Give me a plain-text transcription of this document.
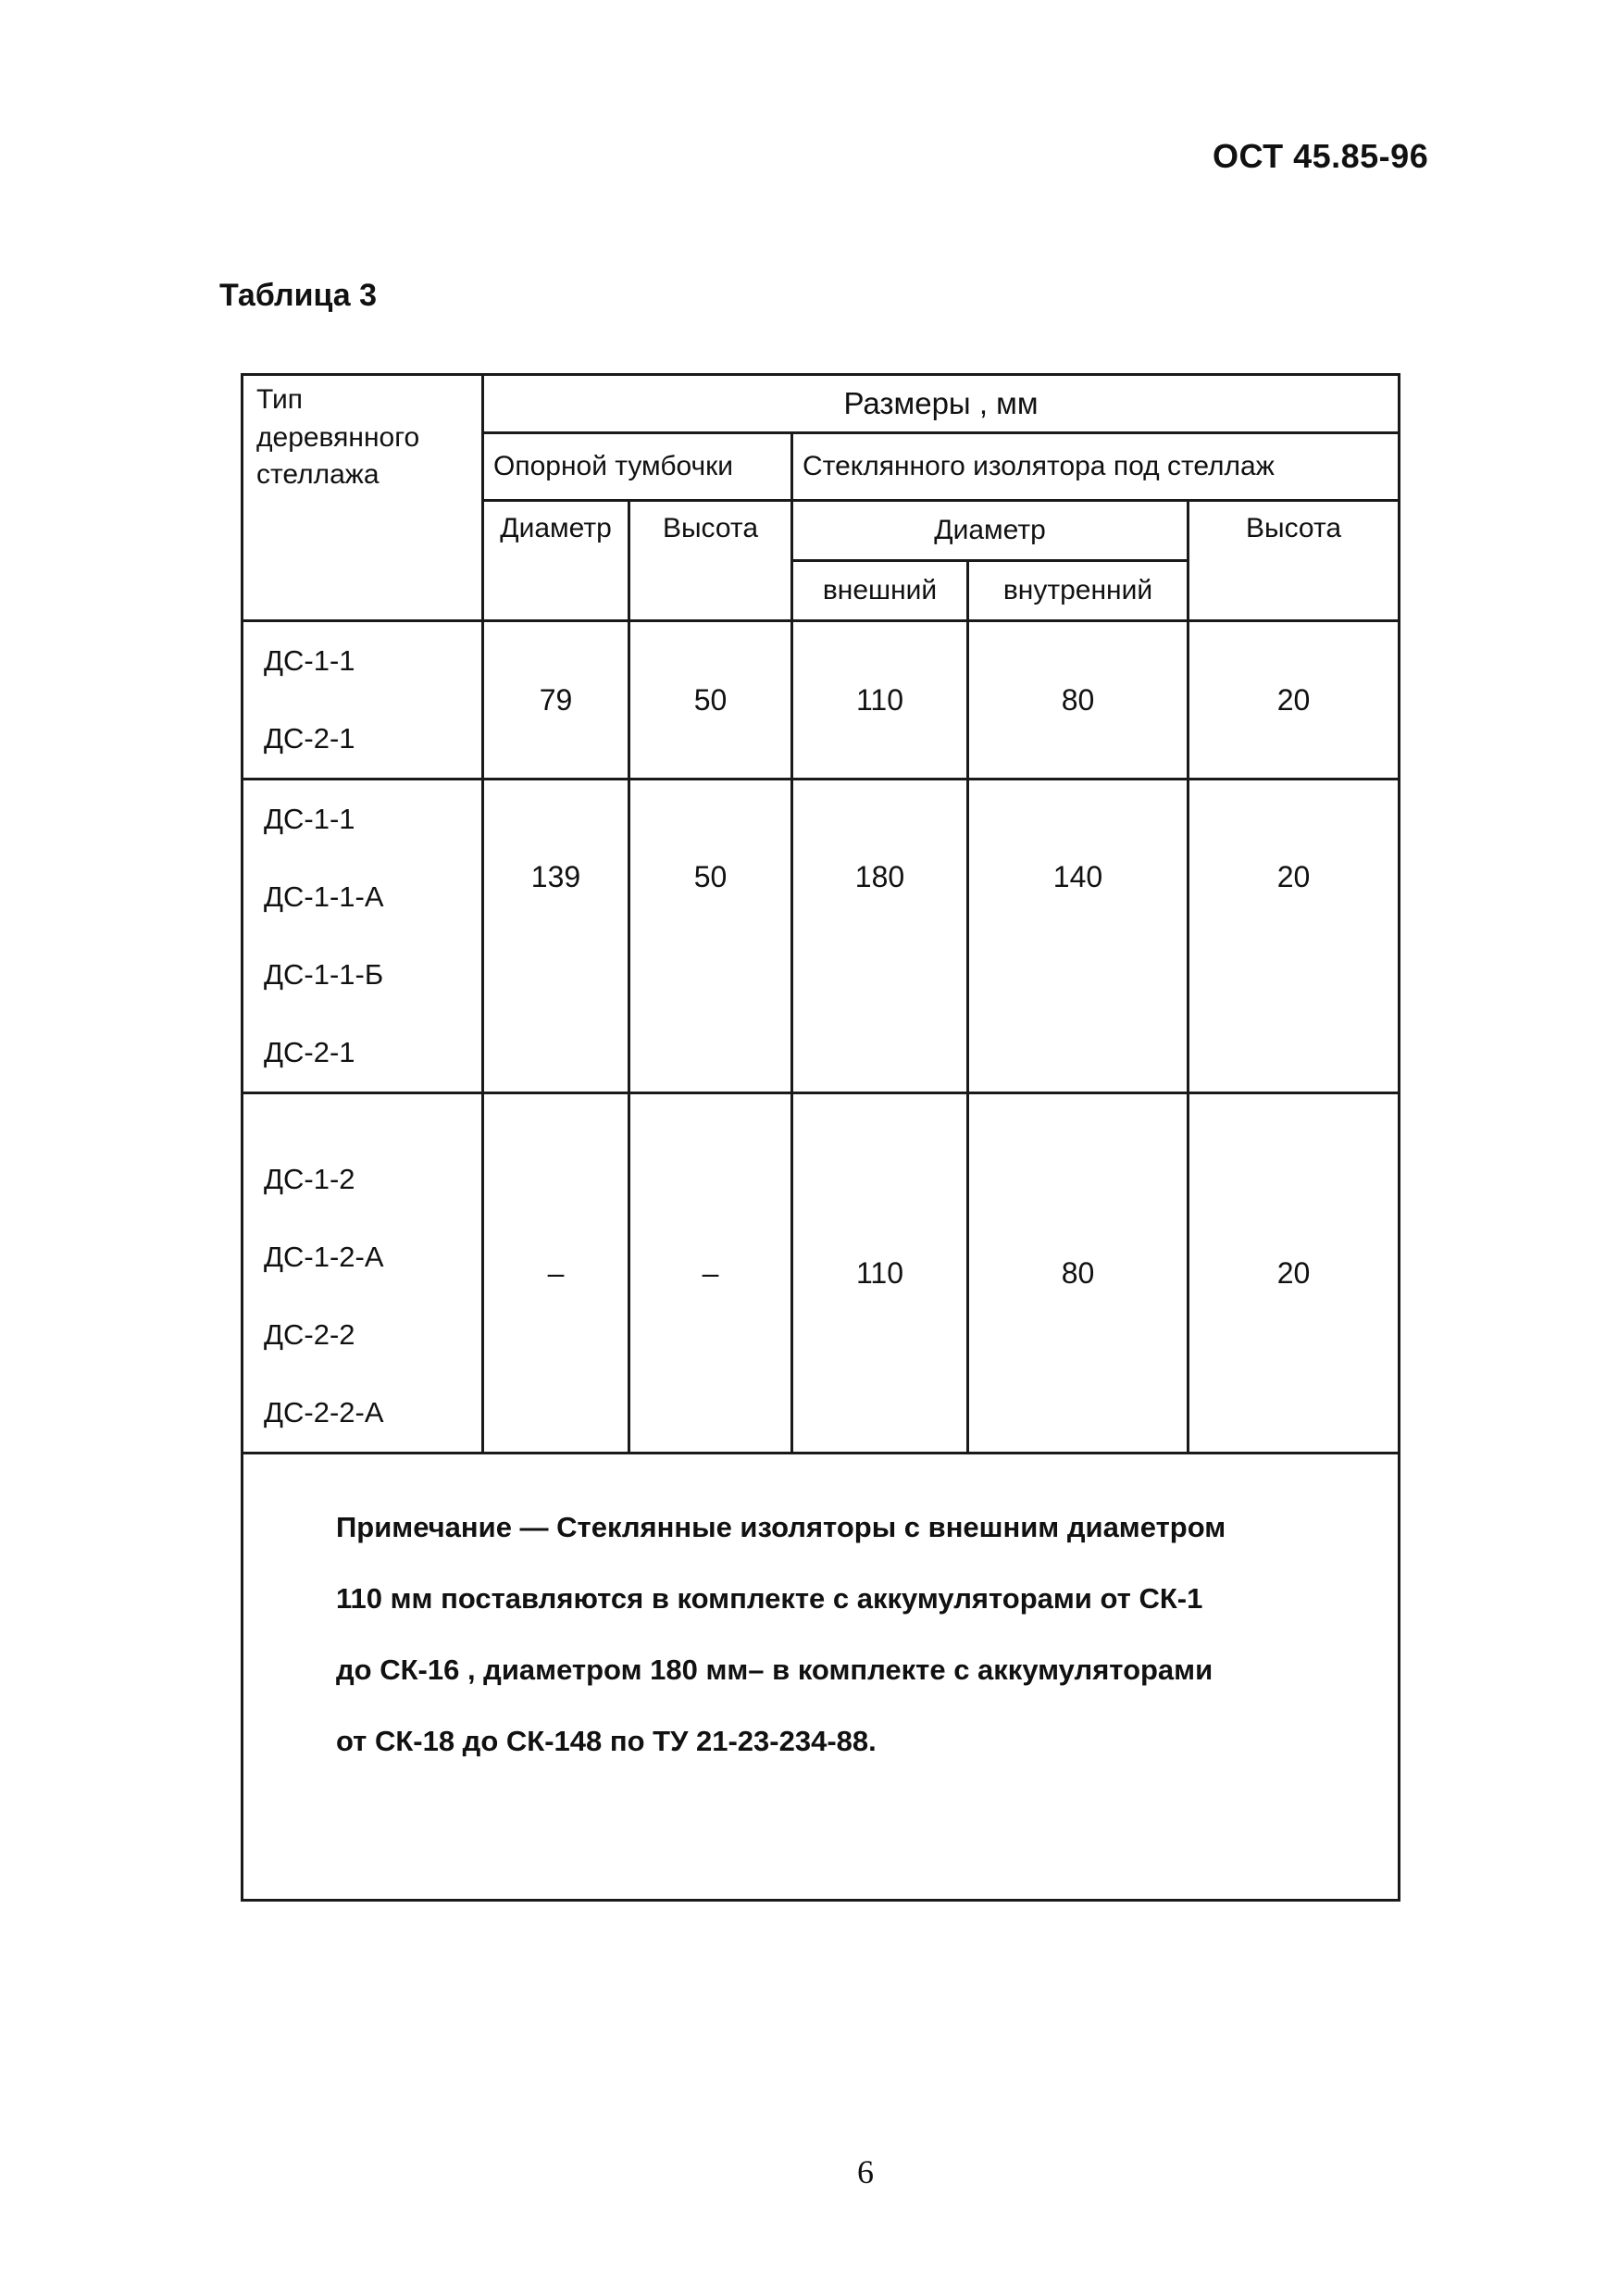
ОСТ 45.85-96
Таблица 3
Тип деревянного стеллажа	Размеры , мм				
	Опорной тумбочки		Стеклянного изолятора под стеллаж		
	Диаметр	Высота	Диаметр		Высота
			внешний	внутренний	

ДС-1-1
ДС-2-1	79	50	110	80	20

ДС-1-1
ДС-1-1-А
ДС-1-1-Б
ДС-2-1	139	50	180	140	20

ДС-1-2
ДС-1-2-А
ДС-2-2
ДС-2-2-А	–	–	110	80	20

Примечание — Стеклянные изоляторы с внешним диаметром
110 мм поставляются в комплекте с аккумуляторами от СК-1
до СК-16 , диаметром 180 мм– в комплекте с аккумуляторами
от СК-18 до СК-148 по ТУ 21-23-234-88.					
6
